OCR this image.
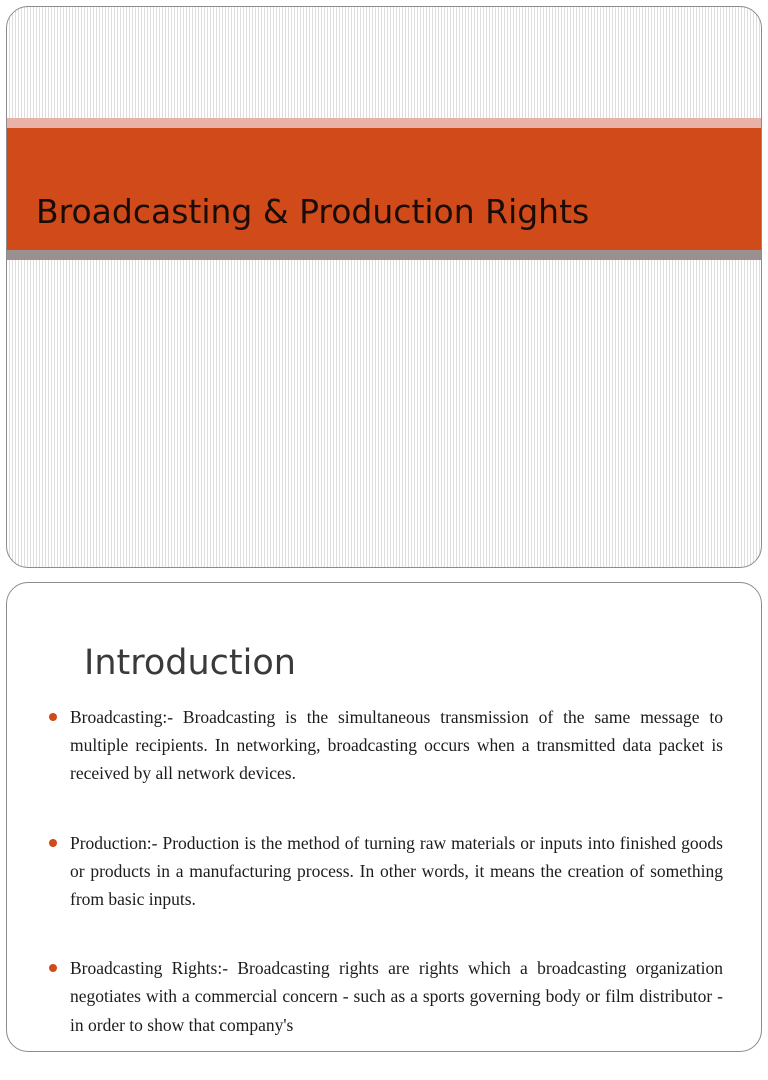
Broadcasting & Production Rights
Introduction
Broadcasting:- Broadcasting is the simultaneous transmission of the same message to multiple recipients. In networking, broadcasting occurs when a transmitted data packet is received by all network devices.
Production:- Production is the method of turning raw materials or inputs into finished goods or products in a manufacturing process. In other words, it means the creation of something from basic inputs.
Broadcasting Rights:- Broadcasting rights are rights which a broadcasting organization negotiates with a commercial concern - such as a sports governing body or film distributor - in order to show that company's
